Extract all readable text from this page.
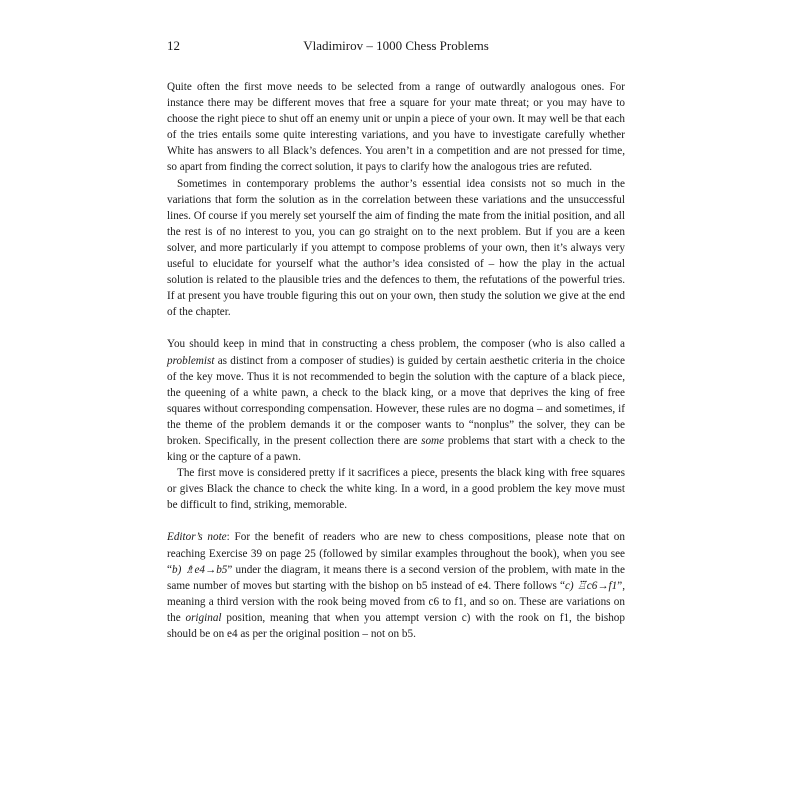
12	Vladimirov – 1000 Chess Problems

Quite often the first move needs to be selected from a range of outwardly analogous ones. For instance there may be different moves that free a square for your mate threat; or you may have to choose the right piece to shut off an enemy unit or unpin a piece of your own. It may well be that each of the tries entails some quite interesting variations, and you have to investigate carefully whether White has answers to all Black’s defences. You aren’t in a competition and are not pressed for time, so apart from finding the correct solution, it pays to clarify how the analogous tries are refuted.

Sometimes in contemporary problems the author’s essential idea consists not so much in the variations that form the solution as in the correlation between these variations and the unsuccessful lines. Of course if you merely set yourself the aim of finding the mate from the initial position, and all the rest is of no interest to you, you can go straight on to the next problem. But if you are a keen solver, and more particularly if you attempt to compose problems of your own, then it’s always very useful to elucidate for yourself what the author’s idea consisted of – how the play in the actual solution is related to the plausible tries and the defences to them, the refutations of the powerful tries. If at present you have trouble figuring this out on your own, then study the solution we give at the end of the chapter.

You should keep in mind that in constructing a chess problem, the composer (who is also called a problemist as distinct from a composer of studies) is guided by certain aesthetic criteria in the choice of the key move. Thus it is not recommended to begin the solution with the capture of a black piece, the queening of a white pawn, a check to the black king, or a move that deprives the king of free squares without corresponding compensation. However, these rules are no dogma – and sometimes, if the theme of the problem demands it or the composer wants to “nonplus” the solver, they can be broken. Specifically, in the present collection there are some problems that start with a check to the king or the capture of a pawn.

The first move is considered pretty if it sacrifices a piece, presents the black king with free squares or gives Black the chance to check the white king. In a word, in a good problem the key move must be difficult to find, striking, memorable.

Editor’s note: For the benefit of readers who are new to chess compositions, please note that on reaching Exercise 39 on page 25 (followed by similar examples throughout the book), when you see “b) ♗e4→b5” under the diagram, it means there is a second version of the problem, with mate in the same number of moves but starting with the bishop on b5 instead of e4. There follows “c) ♖c6→f1”, meaning a third version with the rook being moved from c6 to f1, and so on. These are variations on the original position, meaning that when you attempt version c) with the rook on f1, the bishop should be on e4 as per the original position – not on b5.
